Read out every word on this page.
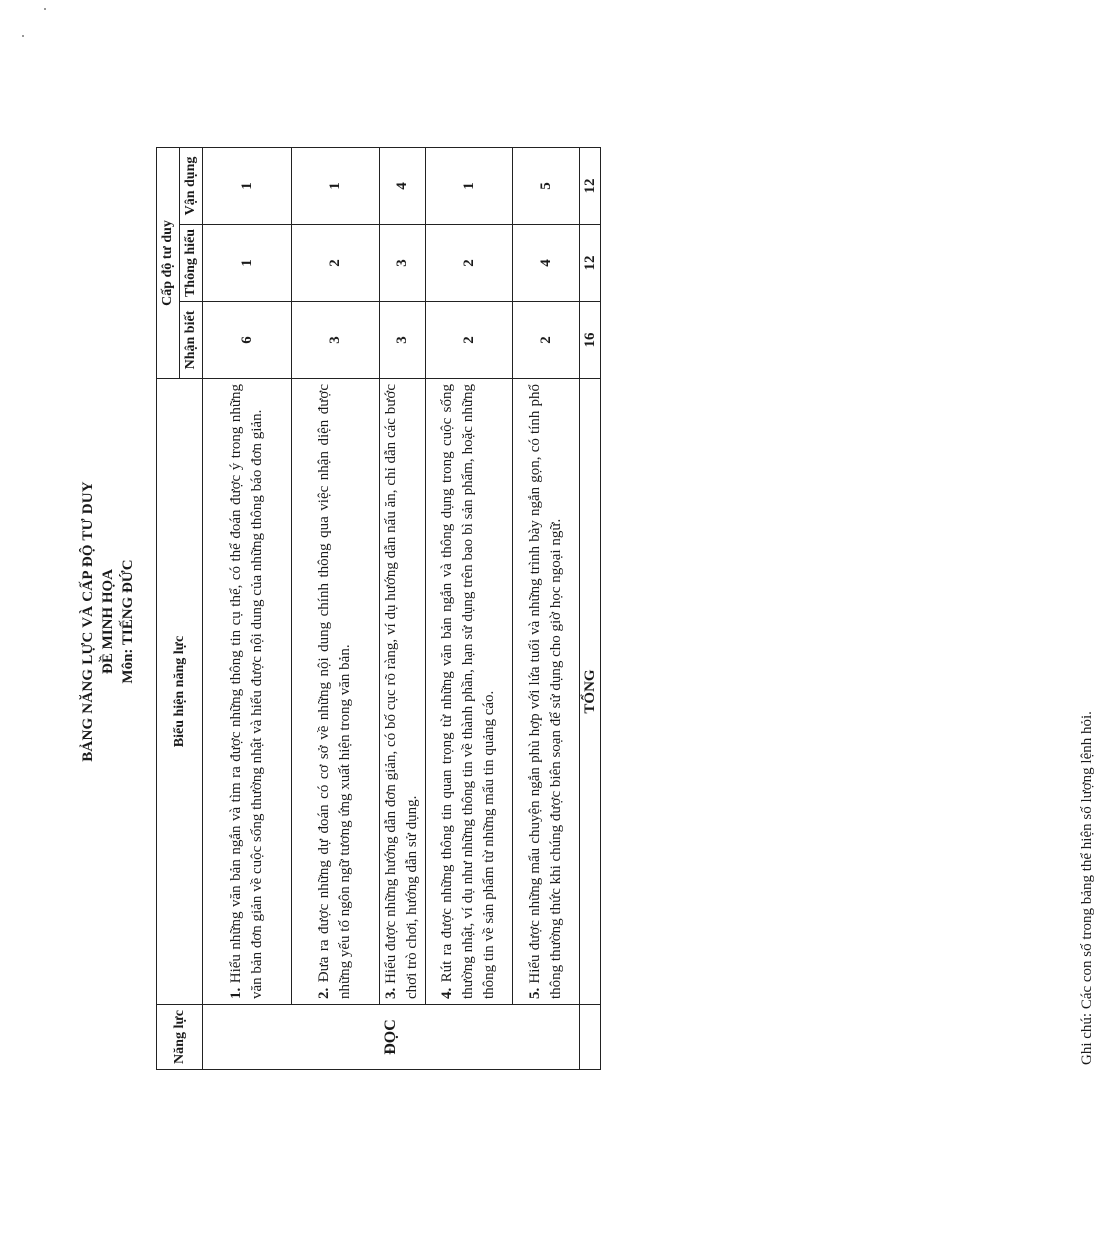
BẢNG NĂNG LỰC VÀ CẤP ĐỘ TƯ DUY ĐỀ MINH HỌA Môn: TIẾNG ĐỨC
Năng lực	Biểu hiện năng lực	Cấp độ tư duy		
		Nhận biết	Thông hiểu	Vận dụng
ĐỌC	1. Hiểu những văn bản ngắn và tìm ra được những thông tin cụ thể, có thể đoán được ý trong những văn bản đơn giản về cuộc sống thường nhật và hiểu được nội dung của những thông báo đơn giản.	6	1	1
	2. Đưa ra được những dự đoán có cơ sở về những nội dung chính thông qua việc nhận diện được những yếu tố ngôn ngữ tương ứng xuất hiện trong văn bản.	3	2	1
	3. Hiểu được những hướng dẫn đơn giản, có bố cục rõ ràng, ví dụ hướng dẫn nấu ăn, chỉ dẫn các bước chơi trò chơi, hướng dẫn sử dụng.	3	3	4
	4. Rút ra được những thông tin quan trọng từ những văn bản ngắn và thông dụng trong cuộc sống thường nhật, ví dụ như những thông tin về thành phần, hạn sử dụng trên bao bì sản phẩm, hoặc những thông tin về sản phẩm từ những mẩu tin quảng cáo.	2	2	1
	5. Hiểu được những mẩu chuyện ngắn phù hợp với lứa tuổi và những trình bày ngắn gọn, có tính phổ thông thường thức khi chúng được biên soạn để sử dụng cho giờ học ngoại ngữ.	2	4	5
	TỔNG	16	12	12
Ghi chú: Các con số trong bảng thể hiện số lượng lệnh hỏi.
